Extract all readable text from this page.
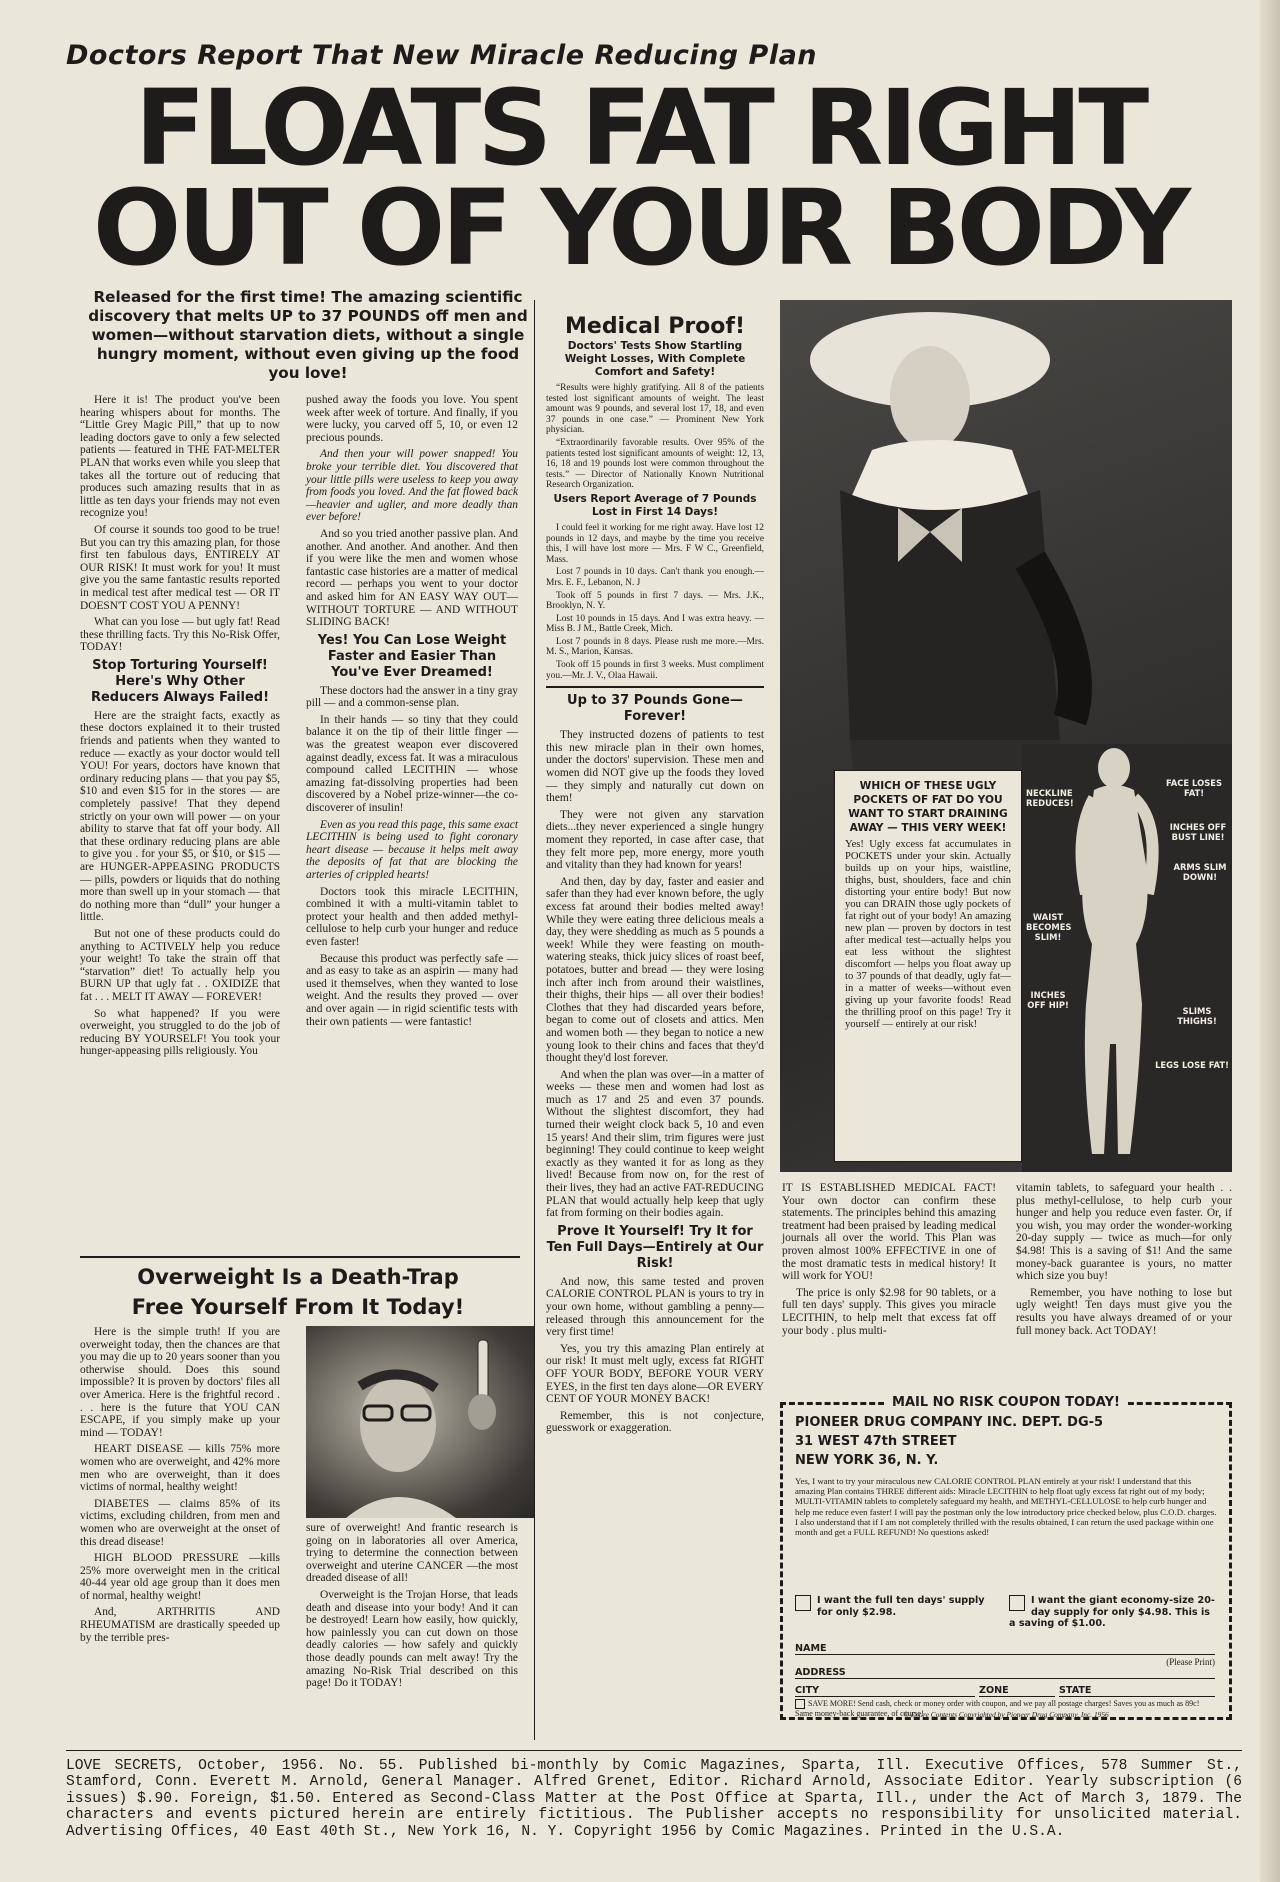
Doctors Report That New Miracle Reducing Plan
FLOATS FAT RIGHT
OUT OF YOUR BODY
Released for the first time! The amazing scientific discovery that melts UP to 37 POUNDS off men and women—without starvation diets, without a single hungry moment, without even giving up the food you love!

Here it is! The product you've been hearing whispers about for months. The “Little Grey Magic Pill,” that up to now leading doctors gave to only a few selected patients — featured in THE FAT-MELTER PLAN that works even while you sleep that takes all the torture out of reducing that produces such amazing results that in as little as ten days your friends may not even recognize you!

Of course it sounds too good to be true! But you can try this amazing plan, for those first ten fabulous days, ENTIRELY AT OUR RISK! It must work for you! It must give you the same fantastic results reported in medical test after medical test — OR IT DOESN'T COST YOU A PENNY!

What can you lose — but ugly fat! Read these thrilling facts. Try this No-Risk Offer, TODAY!

Stop Torturing Yourself! Here's Why Other Reducers Always Failed!

Here are the straight facts, exactly as these doctors explained it to their trusted friends and patients when they wanted to reduce — exactly as your doctor would tell YOU! For years, doctors have known that ordinary reducing plans — that you pay $5, $10 and even $15 for in the stores — are completely passive! That they depend strictly on your own will power — on your ability to starve that fat off your body. All that these ordinary reducing plans are able to give you . for your $5, or $10, or $15 — are HUNGER-APPEASING PRODUCTS — pills, powders or liquids that do nothing more than swell up in your stomach — that do nothing more than “dull” your hunger a little.

But not one of these products could do anything to ACTIVELY help you reduce your weight! To take the strain off that “starvation” diet! To actually help you BURN UP that ugly fat . . OXIDIZE that fat . . . MELT IT AWAY — FOREVER!

So what happened? If you were overweight, you struggled to do the job of reducing BY YOURSELF! You took your hunger-appeasing pills religiously. You

pushed away the foods you love. You spent week after week of torture. And finally, if you were lucky, you carved off 5, 10, or even 12 precious pounds.

And then your will power snapped! You broke your terrible diet. You discovered that your little pills were useless to keep you away from foods you loved. And the fat flowed back—heavier and uglier, and more deadly than ever before!

And so you tried another passive plan. And another. And another. And another. And then if you were like the men and women whose fantastic case histories are a matter of medical record — perhaps you went to your doctor and asked him for AN EASY WAY OUT—WITHOUT TORTURE — AND WITHOUT SLIDING BACK!

Yes! You Can Lose Weight Faster and Easier Than You've Ever Dreamed!

These doctors had the answer in a tiny gray pill — and a common-sense plan.

In their hands — so tiny that they could balance it on the tip of their little finger — was the greatest weapon ever discovered against deadly, excess fat. It was a miraculous compound called LECITHIN — whose amazing fat-dissolving properties had been discovered by a Nobel prize-winner—the co-discoverer of insulin!

Even as you read this page, this same exact LECITHIN is being used to fight coronary heart disease — because it helps melt away the deposits of fat that are blocking the arteries of crippled hearts!

Doctors took this miracle LECITHIN, combined it with a multi-vitamin tablet to protect your health and then added methyl-cellulose to help curb your hunger and reduce even faster!

Because this product was perfectly safe — and as easy to take as an aspirin — many had used it themselves, when they wanted to lose weight. And the results they proved — over and over again — in rigid scientific tests with their own patients — were fantastic!

Overweight Is a Death-Trap
Free Yourself From It Today!

Here is the simple truth! If you are overweight today, then the chances are that you may die up to 20 years sooner than you otherwise should. Does this sound impossible? It is proven by doctors' files all over America. Here is the frightful record . . . here is the future that YOU CAN ESCAPE, if you simply make up your mind — TODAY!

HEART DISEASE — kills 75% more women who are overweight, and 42% more men who are overweight, than it does victims of normal, healthy weight!

DIABETES — claims 85% of its victims, excluding children, from men and women who are overweight at the onset of this dread disease!

HIGH BLOOD PRESSURE —kills 25% more overweight men in the critical 40-44 year old age group than it does men of normal, healthy weight!

And, ARTHRITIS AND RHEUMATISM are drastically speeded up by the terrible pres-

sure of overweight! And frantic research is going on in laboratories all over America, trying to determine the connection between overweight and uterine CANCER —the most dreaded disease of all!

Overweight is the Trojan Horse, that leads death and disease into your body! And it can be destroyed! Learn how easily, how quickly, how painlessly you can cut down on those deadly calories — how safely and quickly those deadly pounds can melt away! Try the amazing No-Risk Trial described on this page! Do it TODAY!

Medical Proof!
Doctors' Tests Show Startling Weight Losses, With Complete Comfort and Safety!

“Results were highly gratifying. All 8 of the patients tested lost significant amounts of weight. The least amount was 9 pounds, and several lost 17, 18, and even 37 pounds in one case.” — Prominent New York physician.

“Extraordinarily favorable results. Over 95% of the patients tested lost significant amounts of weight: 12, 13, 16, 18 and 19 pounds lost were common throughout the tests.” — Director of Nationally Known Nutritional Research Organization.

Users Report Average of 7 Pounds Lost in First 14 Days!

I could feel it working for me right away. Have lost 12 pounds in 12 days, and maybe by the time you receive this, I will have lost more — Mrs. F W C., Greenfield, Mass.

Lost 7 pounds in 10 days. Can't thank you enough.—Mrs. E. F., Lebanon, N. J

Took off 5 pounds in first 7 days. — Mrs. J.K., Brooklyn, N. Y.

Lost 10 pounds in 15 days. And I was extra heavy. — Miss B. J M., Battle Creek, Mich.

Lost 7 pounds in 8 days. Please rush me more.—Mrs. M. S., Marion, Kansas.

Took off 15 pounds in first 3 weeks. Must compliment you.—Mr. J. V., Olaa Hawaii.

Up to 37 Pounds Gone—Forever!

They instructed dozens of patients to test this new miracle plan in their own homes, under the doctors' supervision. These men and women did NOT give up the foods they loved — they simply and naturally cut down on them!

They were not given any starvation diets...they never experienced a single hungry moment they reported, in case after case, that they felt more pep, more energy, more youth and vitality than they had known for years!

And then, day by day, faster and easier and safer than they had ever known before, the ugly excess fat around their bodies melted away! While they were eating three delicious meals a day, they were shedding as much as 5 pounds a week! While they were feasting on mouth-watering steaks, thick juicy slices of roast beef, potatoes, butter and bread — they were losing inch after inch from around their waistlines, their thighs, their hips — all over their bodies! Clothes that they had discarded years before, began to come out of closets and attics. Men and women both — they began to notice a new young look to their chins and faces that they'd thought they'd lost forever.

And when the plan was over—in a matter of weeks — these men and women had lost as much as 17 and 25 and even 37 pounds. Without the slightest discomfort, they had turned their weight clock back 5, 10 and even 15 years! And their slim, trim figures were just beginning! They could continue to keep weight exactly as they wanted it for as long as they lived! Because from now on, for the rest of their lives, they had an active FAT-REDUCING PLAN that would actually help keep that ugly fat from forming on their bodies again.

Prove It Yourself! Try It for Ten Full Days—Entirely at Our Risk!

And now, this same tested and proven CALORIE CONTROL PLAN is yours to try in your own home, without gambling a penny—released through this announcement for the very first time!

Yes, you try this amazing Plan entirely at our risk! It must melt ugly, excess fat RIGHT OFF YOUR BODY, BEFORE YOUR VERY EYES, in the first ten days alone—OR EVERY CENT OF YOUR MONEY BACK!

Remember, this is not conjecture, guesswork or exaggeration.

NECKLINE REDUCES!
FACE LOSES FAT!
INCHES OFF BUST LINE!
ARMS SLIM DOWN!
WAIST BECOMES SLIM!
INCHES OFF HIP!
SLIMS THIGHS!
LEGS LOSE FAT!
WHICH OF THESE UGLY POCKETS OF FAT DO YOU WANT TO START DRAINING AWAY — THIS VERY WEEK!
Yes! Ugly excess fat accumulates in POCKETS under your skin. Actually builds up on your hips, waistline, thighs, bust, shoulders, face and chin distorting your entire body! But now you can DRAIN those ugly pockets of fat right out of your body! An amazing new plan — proven by doctors in test after medical test—actually helps you eat less without the slightest discomfort — helps you float away up to 37 pounds of that deadly, ugly fat—in a matter of weeks—without even giving up your favorite foods! Read the thrilling proof on this page! Try it yourself — entirely at our risk!

IT IS ESTABLISHED MEDICAL FACT! Your own doctor can confirm these statements. The principles behind this amazing treatment had been praised by leading medical journals all over the world. This Plan was proven almost 100% EFFECTIVE in one of the most dramatic tests in medical history! It will work for YOU!

The price is only $2.98 for 90 tablets, or a full ten days' supply. This gives you miracle LECITHIN, to help melt that excess fat off your body . plus multi-

vitamin tablets, to safeguard your health . . plus methyl-cellulose, to help curb your hunger and help you reduce even faster. Or, if you wish, you may order the wonder-working 20-day supply — twice as much—for only $4.98! This is a saving of $1! And the same money-back guarantee is yours, no matter which size you buy!

Remember, you have nothing to lose but ugly weight! Ten days must give you the results you have always dreamed of or your full money back. Act TODAY!

MAIL NO RISK COUPON TODAY!
PIONEER DRUG COMPANY INC. DEPT. DG-5
31 WEST 47th STREET
NEW YORK 36, N. Y.
Yes, I want to try your miraculous new CALORIE CONTROL PLAN entirely at your risk! I understand that this amazing Plan contains THREE different aids: Miracle LECITHIN to help float ugly excess fat right out of my body; MULTI-VITAMIN tablets to completely safeguard my health, and METHYL-CELLULOSE to help curb hunger and help me reduce even faster! I will pay the postman only the low introductory price checked below, plus C.O.D. charges. I also understand that if I am not completely thrilled with the results obtained, I can return the used package within one month and get a FULL REFUND! No questions asked!
I want the full ten days' supply for only $2.98.
I want the giant economy-size 20-day supply for only $4.98. This is a saving of $1.00.
NAME
(Please Print)
ADDRESS
CITY	ZONE	STATE
SAVE MORE! Send cash, check or money order with coupon, and we pay all postage charges! Saves you as much as 89c! Same money-back guarantee, of course!
© Entire Contents Copyrighted by Pioneer Drug Company, Inc. 1956
LOVE SECRETS, October, 1956. No. 55. Published bi-monthly by Comic Magazines, Sparta, Ill. Executive Offices, 578 Summer St., Stamford, Conn. Everett M. Arnold, General Manager. Alfred Grenet, Editor. Richard Arnold, Associate Editor. Yearly subscription (6 issues) $.90. Foreign, $1.50. Entered as Second-Class Matter at the Post Office at Sparta, Ill., under the Act of March 3, 1879. The characters and events pictured herein are entirely fictitious. The Publisher accepts no responsibility for unsolicited material. Advertising Offices, 40 East 40th St., New York 16, N. Y. Copyright 1956 by Comic Magazines. Printed in the U.S.A.
